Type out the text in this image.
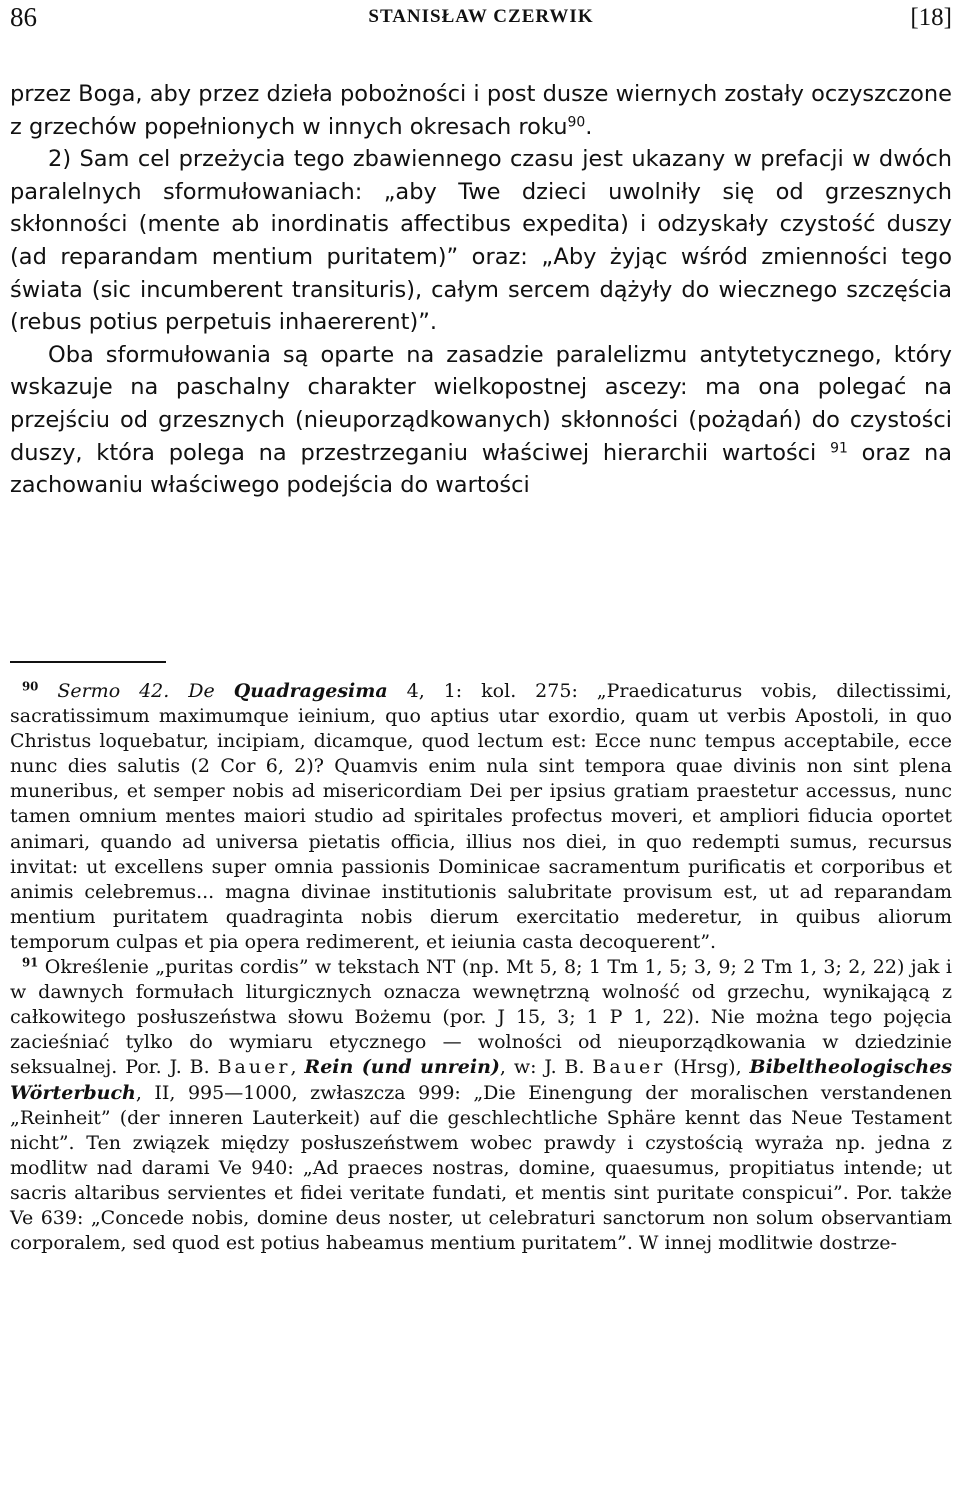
86	STANISŁAW CZERWIK	[18]

przez Boga, aby przez dzieła pobożności i post dusze wiernych zostały oczyszczone z grzechów popełnionych w innych okresach roku$^{90}$.

2) Sam cel przeżycia tego zbawiennego czasu jest ukazany w prefacji w dwóch paralelnych sformułowaniach: „aby Twe dzieci uwolniły się od grzesznych skłonności (mente ab inordinatis affectibus expedita) i odzyskały czystość duszy (ad reparandam mentium puritatem)” oraz: „Aby żyjąc wśród zmienności tego świata (sic incumberent transituris), całym sercem dążyły do wiecznego szczęścia (rebus potius perpetuis inhaererent)”.

Oba sformułowania są oparte na zasadzie paralelizmu antytetycznego, który wskazuje na paschalny charakter wielkopostnej ascezy: ma ona polegać na przejściu od grzesznych (nieuporządkowanych) skłonności (pożądań) do czystości duszy, która polega na przestrzeganiu właściwej hierarchii wartości $^{91}$ oraz na zachowaniu właściwego podejścia do wartości

$^{90}$ Sermo 42. De Quadragesima 4, 1: kol. 275: „Praedicaturus vobis, dilectissimi, sacratissimum maximumque ieinium, quo aptius utar exordio, quam ut verbis Apostoli, in quo Christus loquebatur, incipiam, dicamque, quod lectum est: Ecce nunc tempus acceptabile, ecce nunc dies salutis (2 Cor 6, 2)? Quamvis enim nula sint tempora quae divinis non sint plena muneribus, et semper nobis ad misericordiam Dei per ipsius gratiam praestetur accessus, nunc tamen omnium mentes maiori studio ad spiritales profectus moveri, et ampliori fiducia oportet animari, quando ad universa pietatis officia, illius nos diei, in quo redempti sumus, recursus invitat: ut excellens super omnia passionis Dominicae sacramentum purificatis et corporibus et animis celebremus... magna divinae institutionis salubritate provisum est, ut ad reparandam mentium puritatem quadraginta nobis dierum exercitatio mederetur, in quibus aliorum temporum culpas et pia opera redimerent, et ieiunia casta decoquerent”.

$^{91}$ Określenie „puritas cordis” w tekstach NT (np. Mt 5, 8; 1 Tm 1, 5; 3, 9; 2 Tm 1, 3; 2, 22) jak i w dawnych formułach liturgicznych oznacza wewnętrzną wolność od grzechu, wynikającą z całkowitego posłuszeństwa słowu Bożemu (por. J 15, 3; 1 P 1, 22). Nie można tego pojęcia zacieśniać tylko do wymiaru etycznego — wolności od nieuporządkowania w dziedzinie seksualnej. Por. J. B. Bauer, Rein (und unrein), w: J. B. Bauer (Hrsg), Bibeltheologisches Wörterbuch, II, 995—1000, zwłaszcza 999: „Die Einengung der moralischen verstandenen „Reinheit” (der inneren Lauterkeit) auf die geschlechtliche Sphäre kennt das Neue Testament nicht”. Ten związek między posłuszeństwem wobec prawdy i czystością wyraża np. jedna z modlitw nad darami Ve 940: „Ad praeces nostras, domine, quaesumus, propitiatus intende; ut sacris altaribus servientes et fidei veritate fundati, et mentis sint puritate conspicui”. Por. także Ve 639: „Concede nobis, domine deus noster, ut celebraturi sanctorum non solum observantiam corporalem, sed quod est potius habeamus mentium puritatem”. W innej modlitwie dostrze-
